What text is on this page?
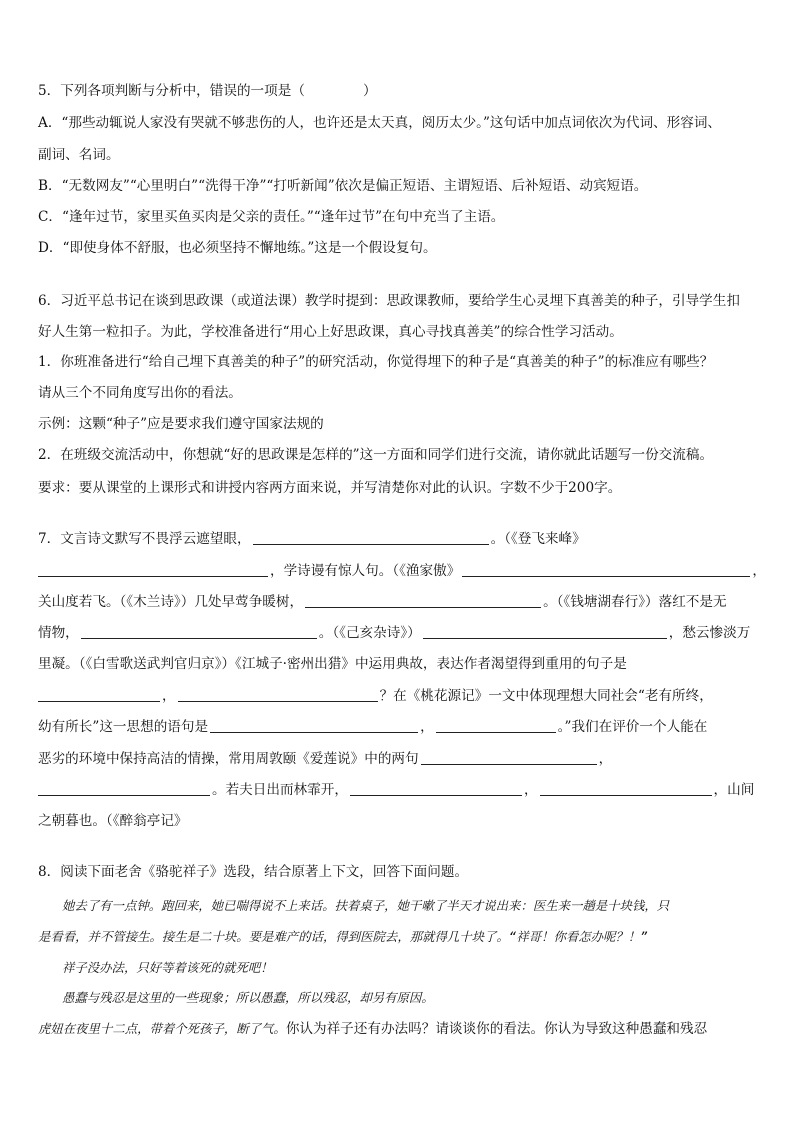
5．下列各项判断与分析中，错误的一项是（	）
A．“那些动辄说人家没有哭就不够悲伤的人，也许还是太天真，阅历太少。”这句话中加点词依次为代词、形容词、
副词、名词。
B．“无数网友”“心里明白”“洗得干净”“打听新闻”依次是偏正短语、主谓短语、后补短语、动宾短语。
C．“逢年过节，家里买鱼买肉是父亲的责任。”“逢年过节”在句中充当了主语。
D．“即使身体不舒服，也必须坚持不懈地练。”这是一个假设复句。
6．习近平总书记在谈到思政课（或道法课）教学时提到：思政课教师，要给学生心灵埋下真善美的种子，引导学生扣
好人生第一粒扣子。为此，学校准备进行“用心上好思政课，真心寻找真善美”的综合性学习活动。
1．你班准备进行“给自己埋下真善美的种子”的研究活动，你觉得埋下的种子是“真善美的种子”的标准应有哪些？
请从三个不同角度写出你的看法。
示例：这颗“种子”应是要求我们遵守国家法规的
2．在班级交流活动中，你想就“好的思政课是怎样的”这一方面和同学们进行交流，请你就此话题写一份交流稿。
要求：要从课堂的上课形式和讲授内容两方面来说，并写清楚你对此的认识。字数不少于200字。
7．文言诗文默写不畏浮云遮望眼，	。（《登飞来峰》
，学诗谩有惊人句。（《渔家傲》	，
关山度若飞。（《木兰诗》）几处早莺争暖树，	。（《钱塘湖春行》）落红不是无
情物，	。（《己亥杂诗》）	，愁云惨淡万
里凝。（《白雪歌送武判官归京》）《江城子·密州出猎》中运用典故，表达作者渴望得到重用的句子是
，	？在《桃花源记》一文中体现理想大同社会“老有所终，
幼有所长”这一思想的语句是	，	。”我们在评价一个人能在
恶劣的环境中保持高洁的情操，常用周敦颐《爱莲说》中的两句	，
。若夫日出而林霏开，	，	，山间
之朝暮也。（《醉翁亭记》
8．阅读下面老舍《骆驼祥子》选段，结合原著上下文，回答下面问题。
她去了有一点钟。跑回来，她已喘得说不上来话。扶着桌子，她干嗽了半天才说出来：医生来一趟是十块钱，只
是看看，并不管接生。接生是二十块。要是难产的话，得到医院去，那就得几十块了。“祥哥！你看怎办呢？！”
祥子没办法，只好等着该死的就死吧！
愚蠢与残忍是这里的一些现象；所以愚蠢，所以残忍，却另有原因。
虎妞在夜里十二点，带着个死孩子，断了气。你认为祥子还有办法吗？请谈谈你的看法。你认为导致这种愚蠢和残忍
